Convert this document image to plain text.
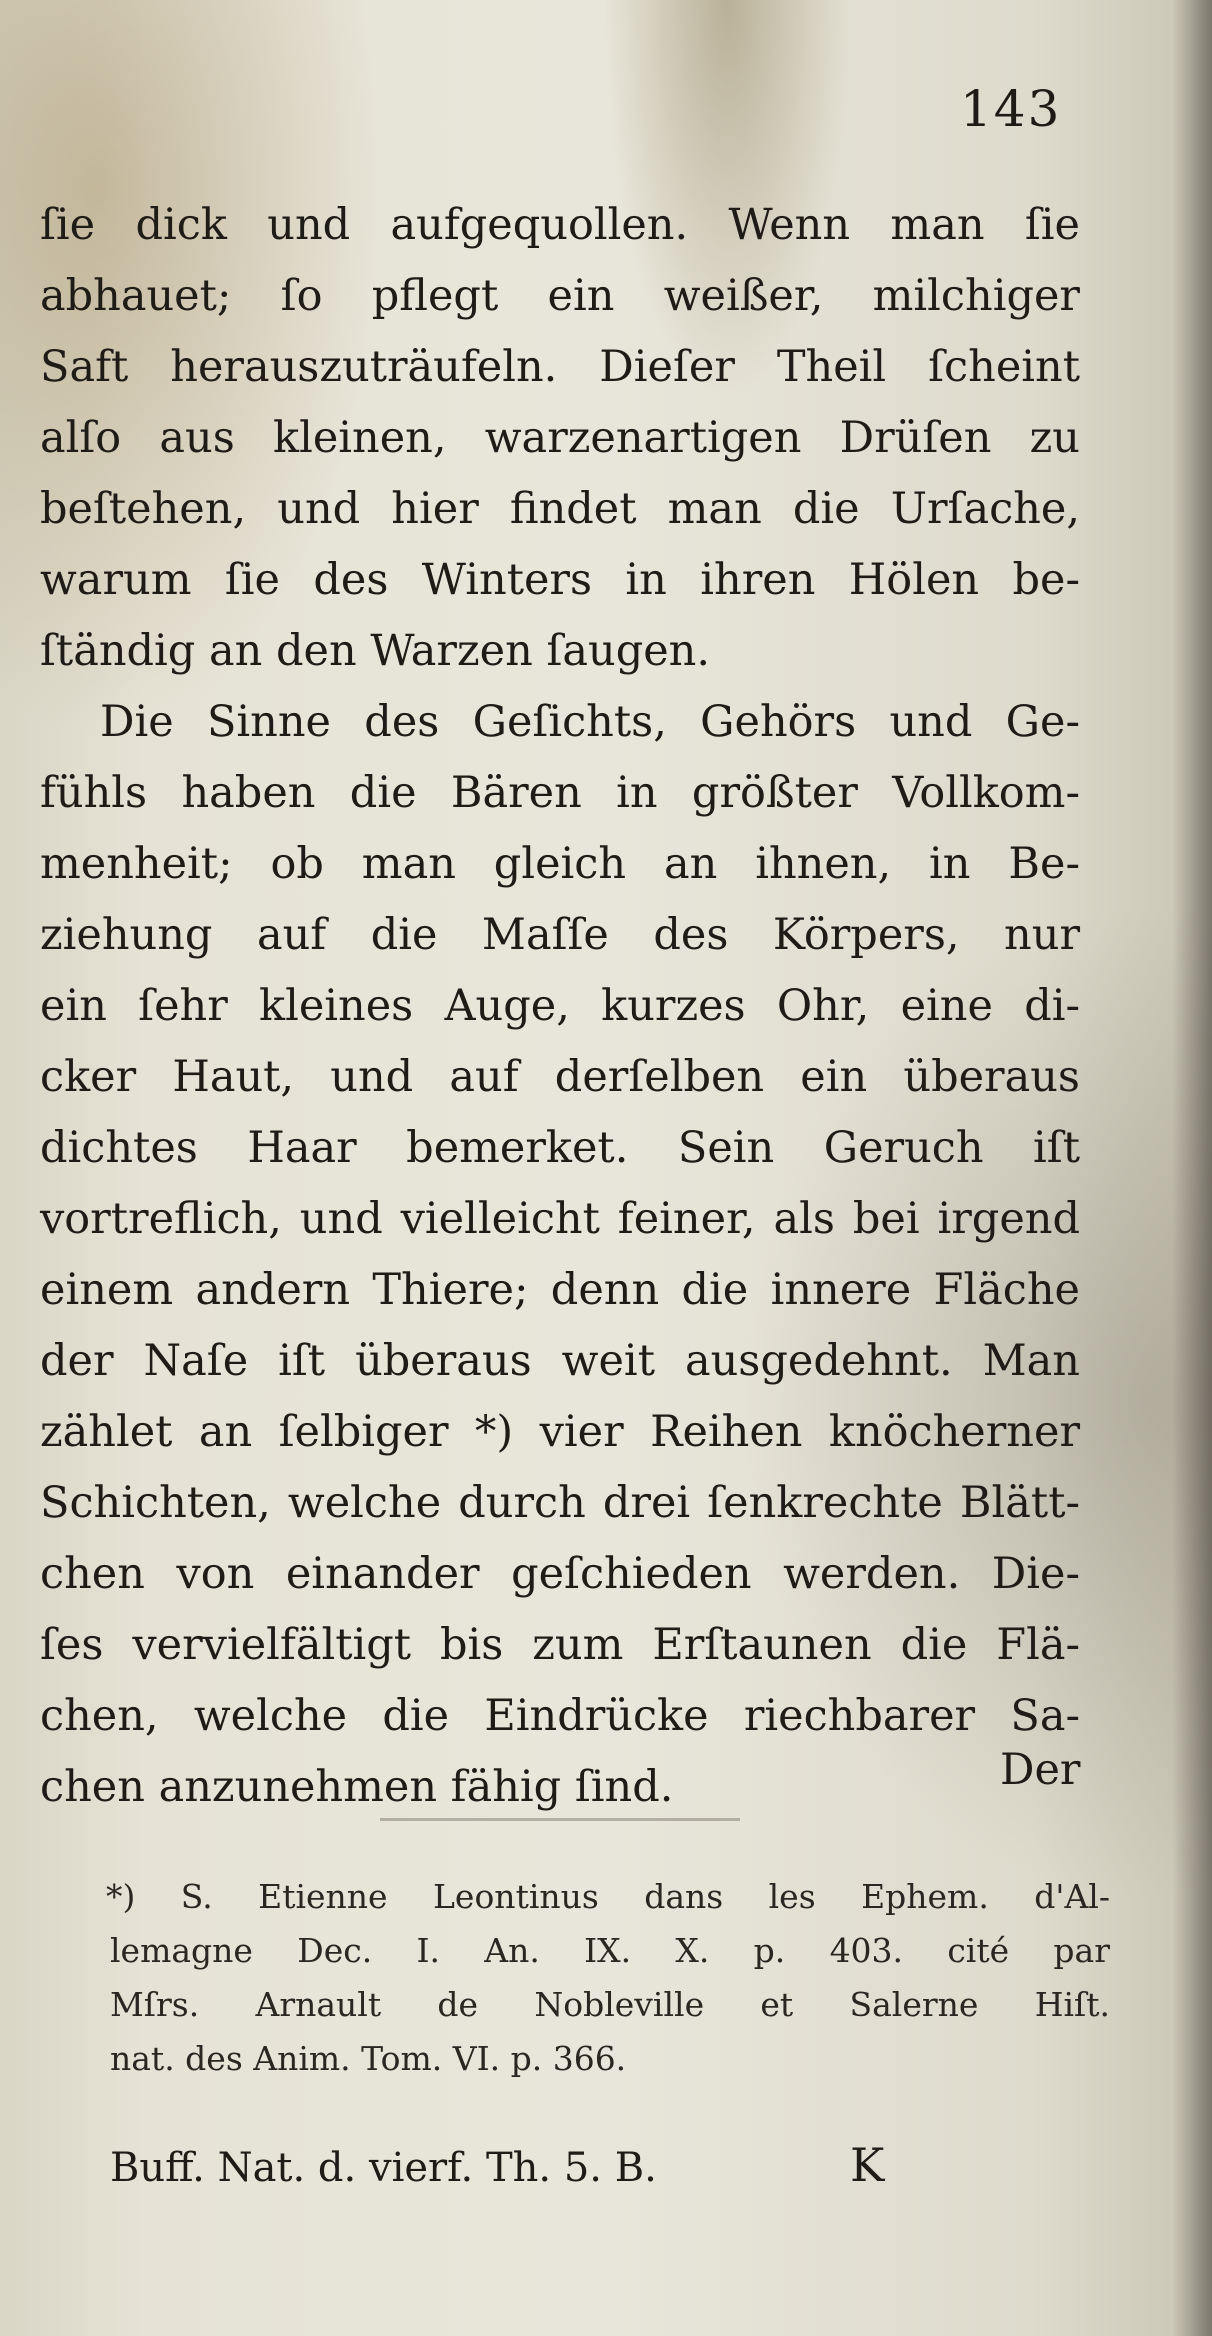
143
ſie dick und aufgequollen. Wenn man ſie
abhauet; ſo pflegt ein weißer, milchiger
Saft herauszuträufeln. Dieſer Theil ſcheint
alſo aus kleinen, warzenartigen Drüſen zu
beſtehen, und hier findet man die Urſache,
warum ſie des Winters in ihren Hölen be-
ſtändig an den Warzen ſaugen.
Die Sinne des Geſichts, Gehörs und Ge-
fühls haben die Bären in größter Vollkom-
menheit; ob man gleich an ihnen, in Be-
ziehung auf die Maſſe des Körpers, nur
ein ſehr kleines Auge, kurzes Ohr, eine di-
cker Haut, und auf derſelben ein überaus
dichtes Haar bemerket. Sein Geruch iſt
vortreflich, und vielleicht feiner, als bei irgend
einem andern Thiere; denn die innere Fläche
der Naſe iſt überaus weit ausgedehnt. Man
zählet an ſelbiger *) vier Reihen knöcherner
Schichten, welche durch drei ſenkrechte Blätt-
chen von einander geſchieden werden. Die-
ſes vervielfältigt bis zum Erſtaunen die Flä-
chen, welche die Eindrücke riechbarer Sa-
chen anzunehmen fähig ſind.	Der
*) S. Etienne Leontinus dans les Ephem. d'Al-
lemagne Dec. I. An. IX. X. p. 403. cité par
Mſrs. Arnault de Nobleville et Salerne Hiſt.
nat. des Anim. Tom. VI. p. 366.
Buff. Nat. d. vierf. Th. 5. B.	K
